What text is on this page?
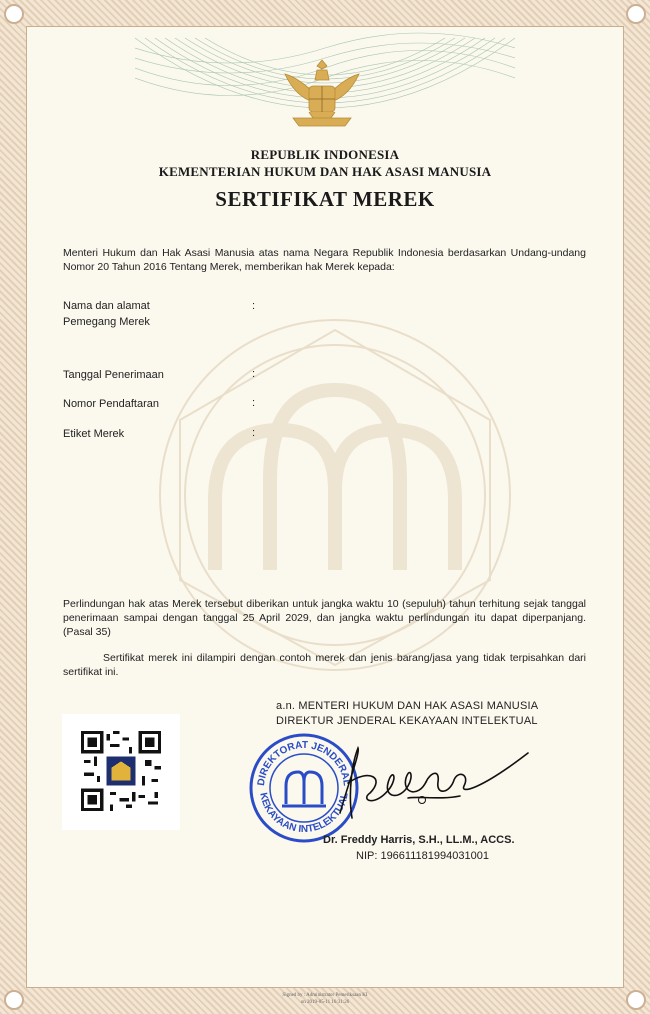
REPUBLIK INDONESIA
KEMENTERIAN HUKUM DAN HAK ASASI MANUSIA
SERTIFIKAT MEREK
Menteri Hukum dan Hak Asasi Manusia atas nama Negara Republik Indonesia berdasarkan Undang-undang Nomor 20 Tahun 2016 Tentang Merek, memberikan hak Merek kepada:
Nama dan alamat
Pemegang Merek
:
Tanggal Penerimaan	:
Nomor Pendaftaran	:
Etiket Merek	:
Perlindungan hak atas Merek tersebut diberikan untuk jangka waktu 10 (sepuluh) tahun terhitung sejak tanggal penerimaan sampai dengan tanggal 25 April 2029, dan jangka waktu perlindungan itu dapat diperpanjang. (Pasal 35)
Sertifikat merek ini dilampiri dengan contoh merek dan jenis barang/jasa yang tidak terpisahkan dari sertifikat ini.
a.n. MENTERI HUKUM DAN HAK ASASI MANUSIA
DIREKTUR JENDERAL KEKAYAAN INTELEKTUAL
DIREKTORAT JENDERAL
KEKAYAAN INTELEKTUAL
Dr. Freddy Harris, S.H., LL.M., ACCS.
NIP: 196611181994031001
Signed by : Administrator Pemeriksaan KI
on 2019-05-11 16:31:26
